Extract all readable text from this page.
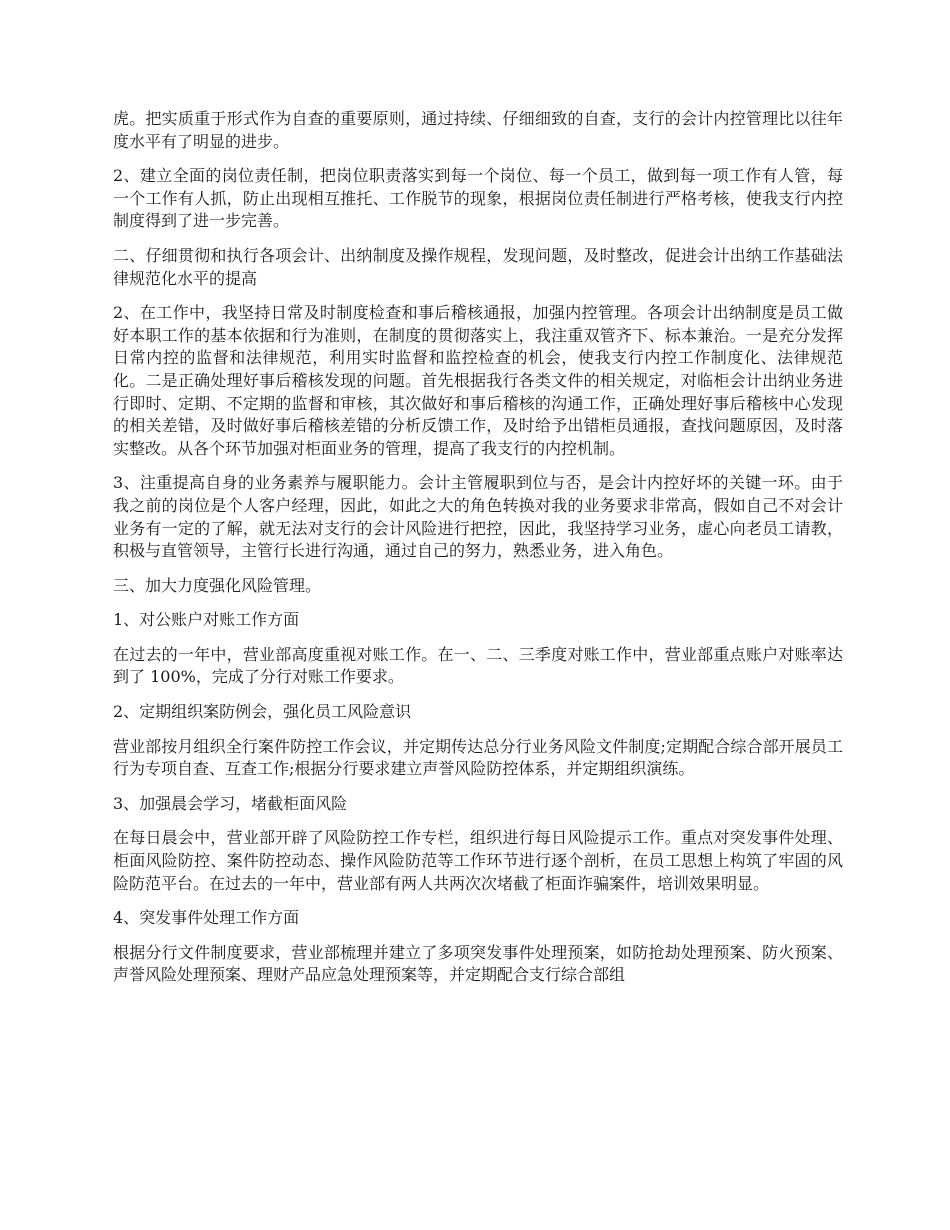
虎。把实质重于形式作为自查的重要原则，通过持续、仔细细致的自查，支行的会计内控管理比以往年度水平有了明显的进步。

2、建立全面的岗位责任制，把岗位职责落实到每一个岗位、每一个员工，做到每一项工作有人管，每一个工作有人抓，防止出现相互推托、工作脱节的现象，根据岗位责任制进行严格考核，使我支行内控制度得到了进一步完善。

二、仔细贯彻和执行各项会计、出纳制度及操作规程，发现问题，及时整改，促进会计出纳工作基础法律规范化水平的提高

2、在工作中，我坚持日常及时制度检查和事后稽核通报，加强内控管理。各项会计出纳制度是员工做好本职工作的基本依据和行为准则，在制度的贯彻落实上，我注重双管齐下、标本兼治。一是充分发挥日常内控的监督和法律规范，利用实时监督和监控检查的机会，使我支行内控工作制度化、法律规范化。二是正确处理好事后稽核发现的问题。首先根据我行各类文件的相关规定，对临柜会计出纳业务进行即时、定期、不定期的监督和审核，其次做好和事后稽核的沟通工作，正确处理好事后稽核中心发现的相关差错，及时做好事后稽核差错的分析反馈工作，及时给予出错柜员通报，查找问题原因，及时落实整改。从各个环节加强对柜面业务的管理，提高了我支行的内控机制。

3、注重提高自身的业务素养与履职能力。会计主管履职到位与否，是会计内控好坏的关键一环。由于我之前的岗位是个人客户经理，因此，如此之大的角色转换对我的业务要求非常高，假如自己不对会计业务有一定的了解，就无法对支行的会计风险进行把控，因此，我坚持学习业务，虚心向老员工请教，积极与直管领导，主管行长进行沟通，通过自己的努力，熟悉业务，进入角色。

三、加大力度强化风险管理。

1、对公账户对账工作方面

在过去的一年中，营业部高度重视对账工作。在一、二、三季度对账工作中，营业部重点账户对账率达到了 100%，完成了分行对账工作要求。

2、定期组织案防例会，强化员工风险意识

营业部按月组织全行案件防控工作会议，并定期传达总分行业务风险文件制度;定期配合综合部开展员工行为专项自查、互查工作;根据分行要求建立声誉风险防控体系，并定期组织演练。

3、加强晨会学习，堵截柜面风险

在每日晨会中，营业部开辟了风险防控工作专栏，组织进行每日风险提示工作。重点对突发事件处理、柜面风险防控、案件防控动态、操作风险防范等工作环节进行逐个剖析，在员工思想上构筑了牢固的风险防范平台。在过去的一年中，营业部有两人共两次次堵截了柜面诈骗案件，培训效果明显。

4、突发事件处理工作方面

根据分行文件制度要求，营业部梳理并建立了多项突发事件处理预案，如防抢劫处理预案、防火预案、声誉风险处理预案、理财产品应急处理预案等，并定期配合支行综合部组
